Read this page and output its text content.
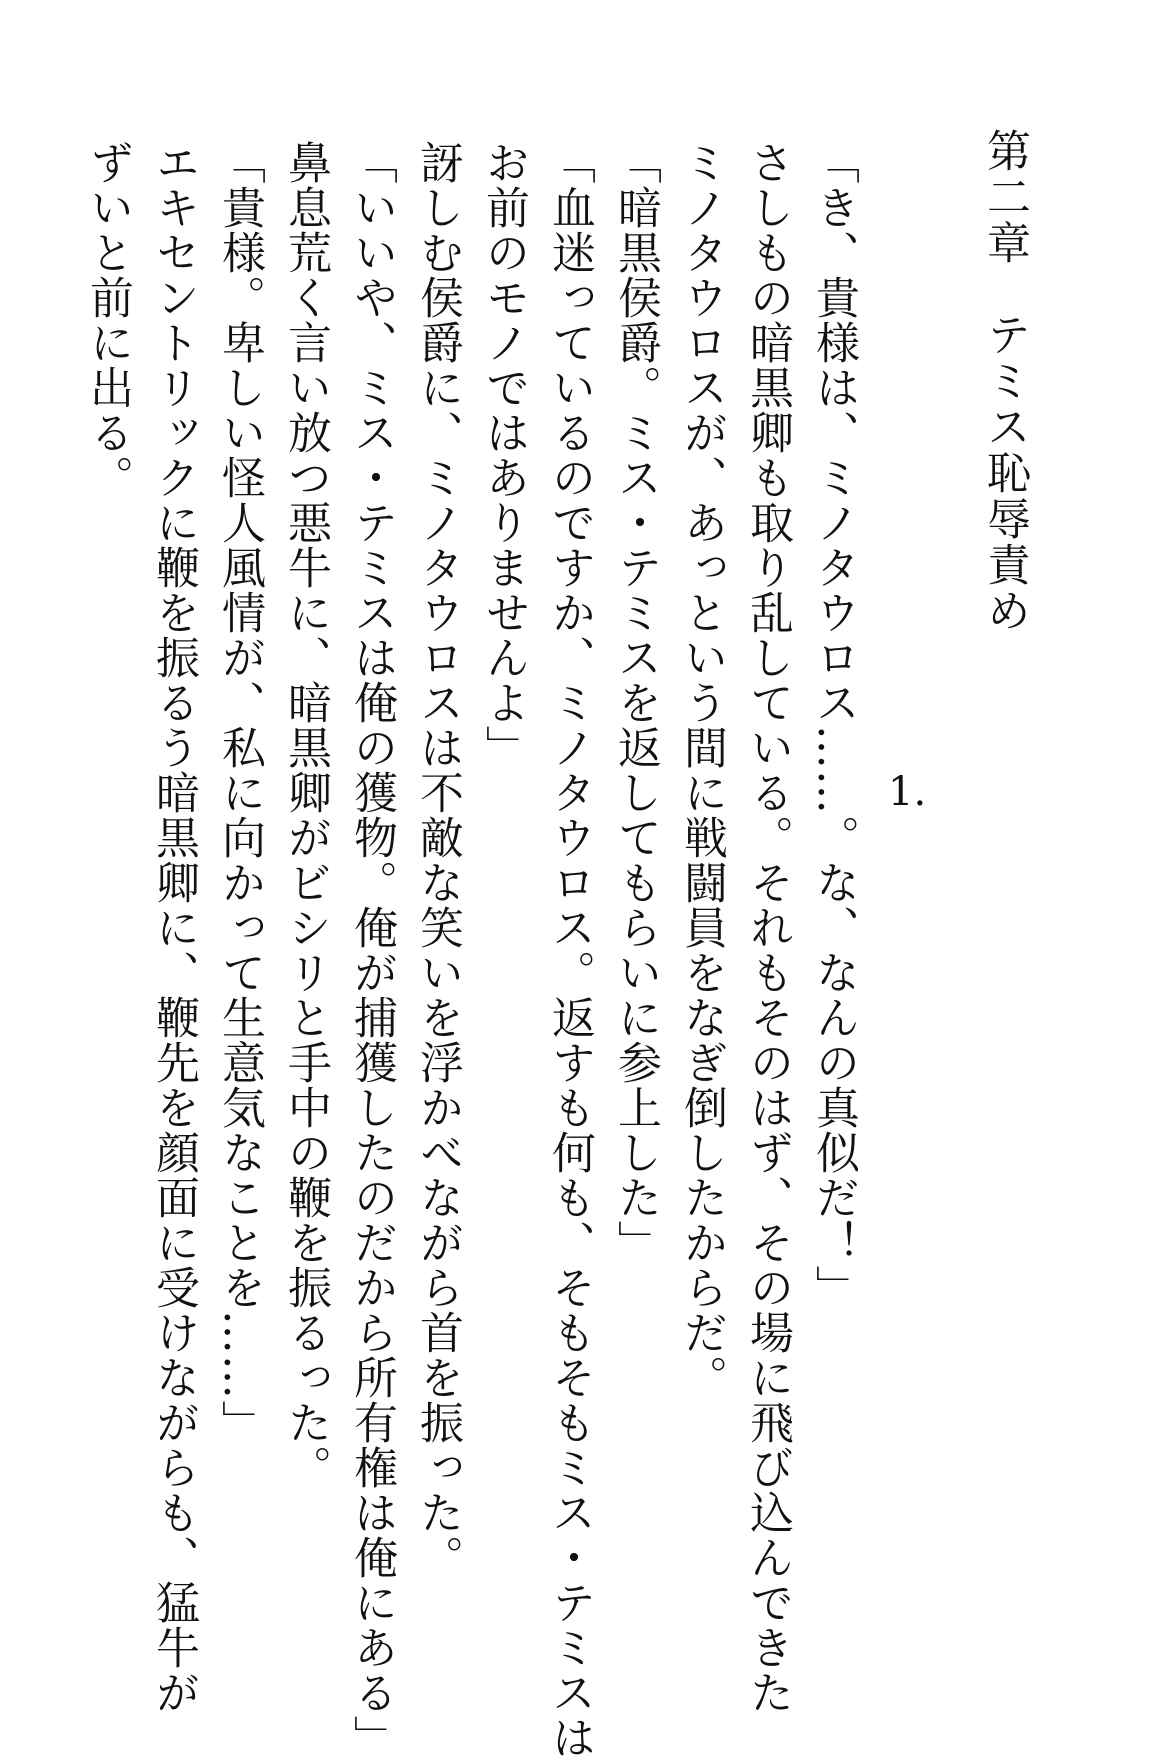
第二章　テミス恥辱責め
1.
「き、貴様は、ミノタウロス……。な、なんの真似だ！」
さしもの暗黒卿も取り乱している。それもそのはず、その場に飛び込んできた
ミノタウロスが、あっという間に戦闘員をなぎ倒したからだ。
「暗黒侯爵。ミス・テミスを返してもらいに参上した」
「血迷っているのですか、ミノタウロス。返すも何も、そもそもミス・テミスは
お前のモノではありませんよ」
訝しむ侯爵に、ミノタウロスは不敵な笑いを浮かべながら首を振った。
「いいや、ミス・テミスは俺の獲物。俺が捕獲したのだから所有権は俺にある」
鼻息荒く言い放つ悪牛に、暗黒卿がビシリと手中の鞭を振るった。
「貴様。卑しい怪人風情が、私に向かって生意気なことを……」
エキセントリックに鞭を振るう暗黒卿に、鞭先を顔面に受けながらも、猛牛が
ずいと前に出る。
